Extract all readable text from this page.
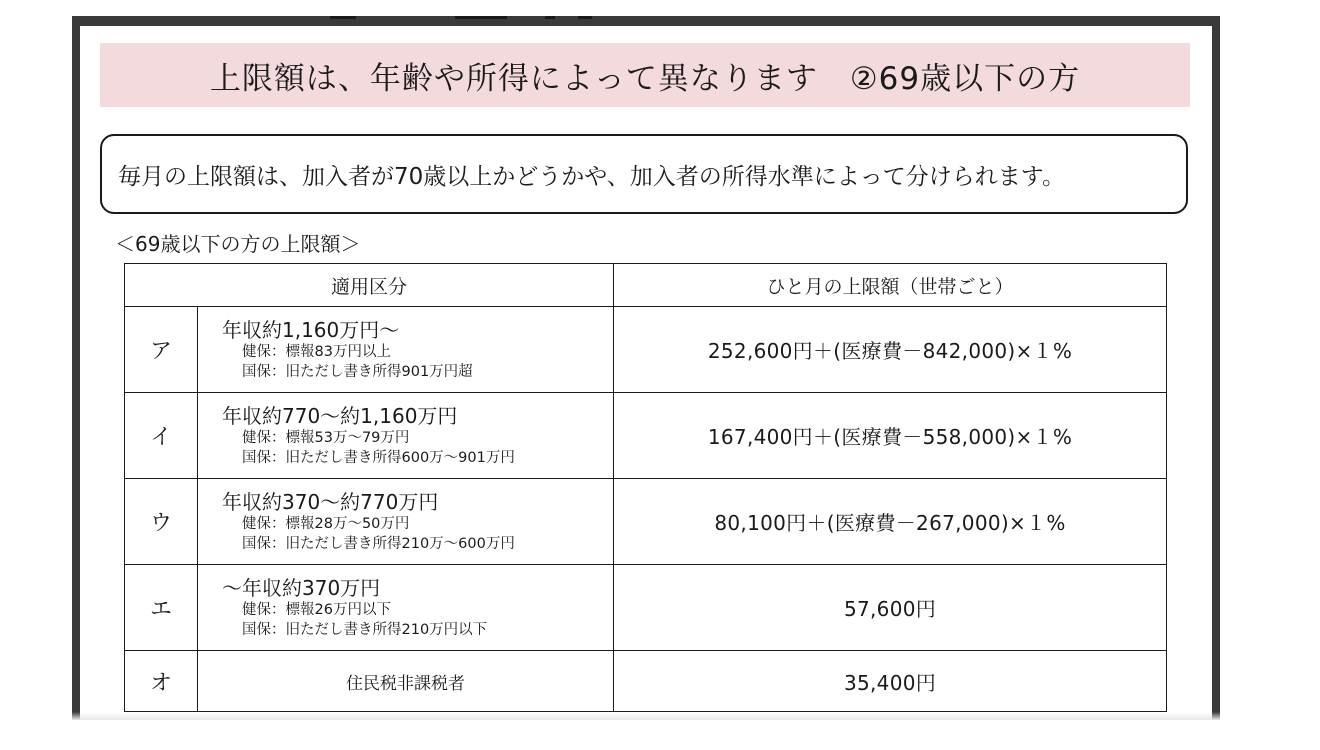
上限額は、年齢や所得によって異なります　②69歳以下の方
毎月の上限額は、加入者が70歳以上かどうかや、加入者の所得水準によって分けられます。
＜69歳以下の方の上限額＞
適用区分		ひと月の上限額（世帯ごと）
ア	年収約1,160万円～
健保：標報83万円以上
国保：旧ただし書き所得901万円超	252,600円＋(医療費－842,000)×１%
イ	年収約770～約1,160万円
健保：標報53万～79万円
国保：旧ただし書き所得600万～901万円	167,400円＋(医療費－558,000)×１%
ウ	年収約370～約770万円
健保：標報28万～50万円
国保：旧ただし書き所得210万～600万円	80,100円＋(医療費－267,000)×１%
エ	～年収約370万円
健保：標報26万円以下
国保：旧ただし書き所得210万円以下	57,600円
オ	住民税非課税者	35,400円
